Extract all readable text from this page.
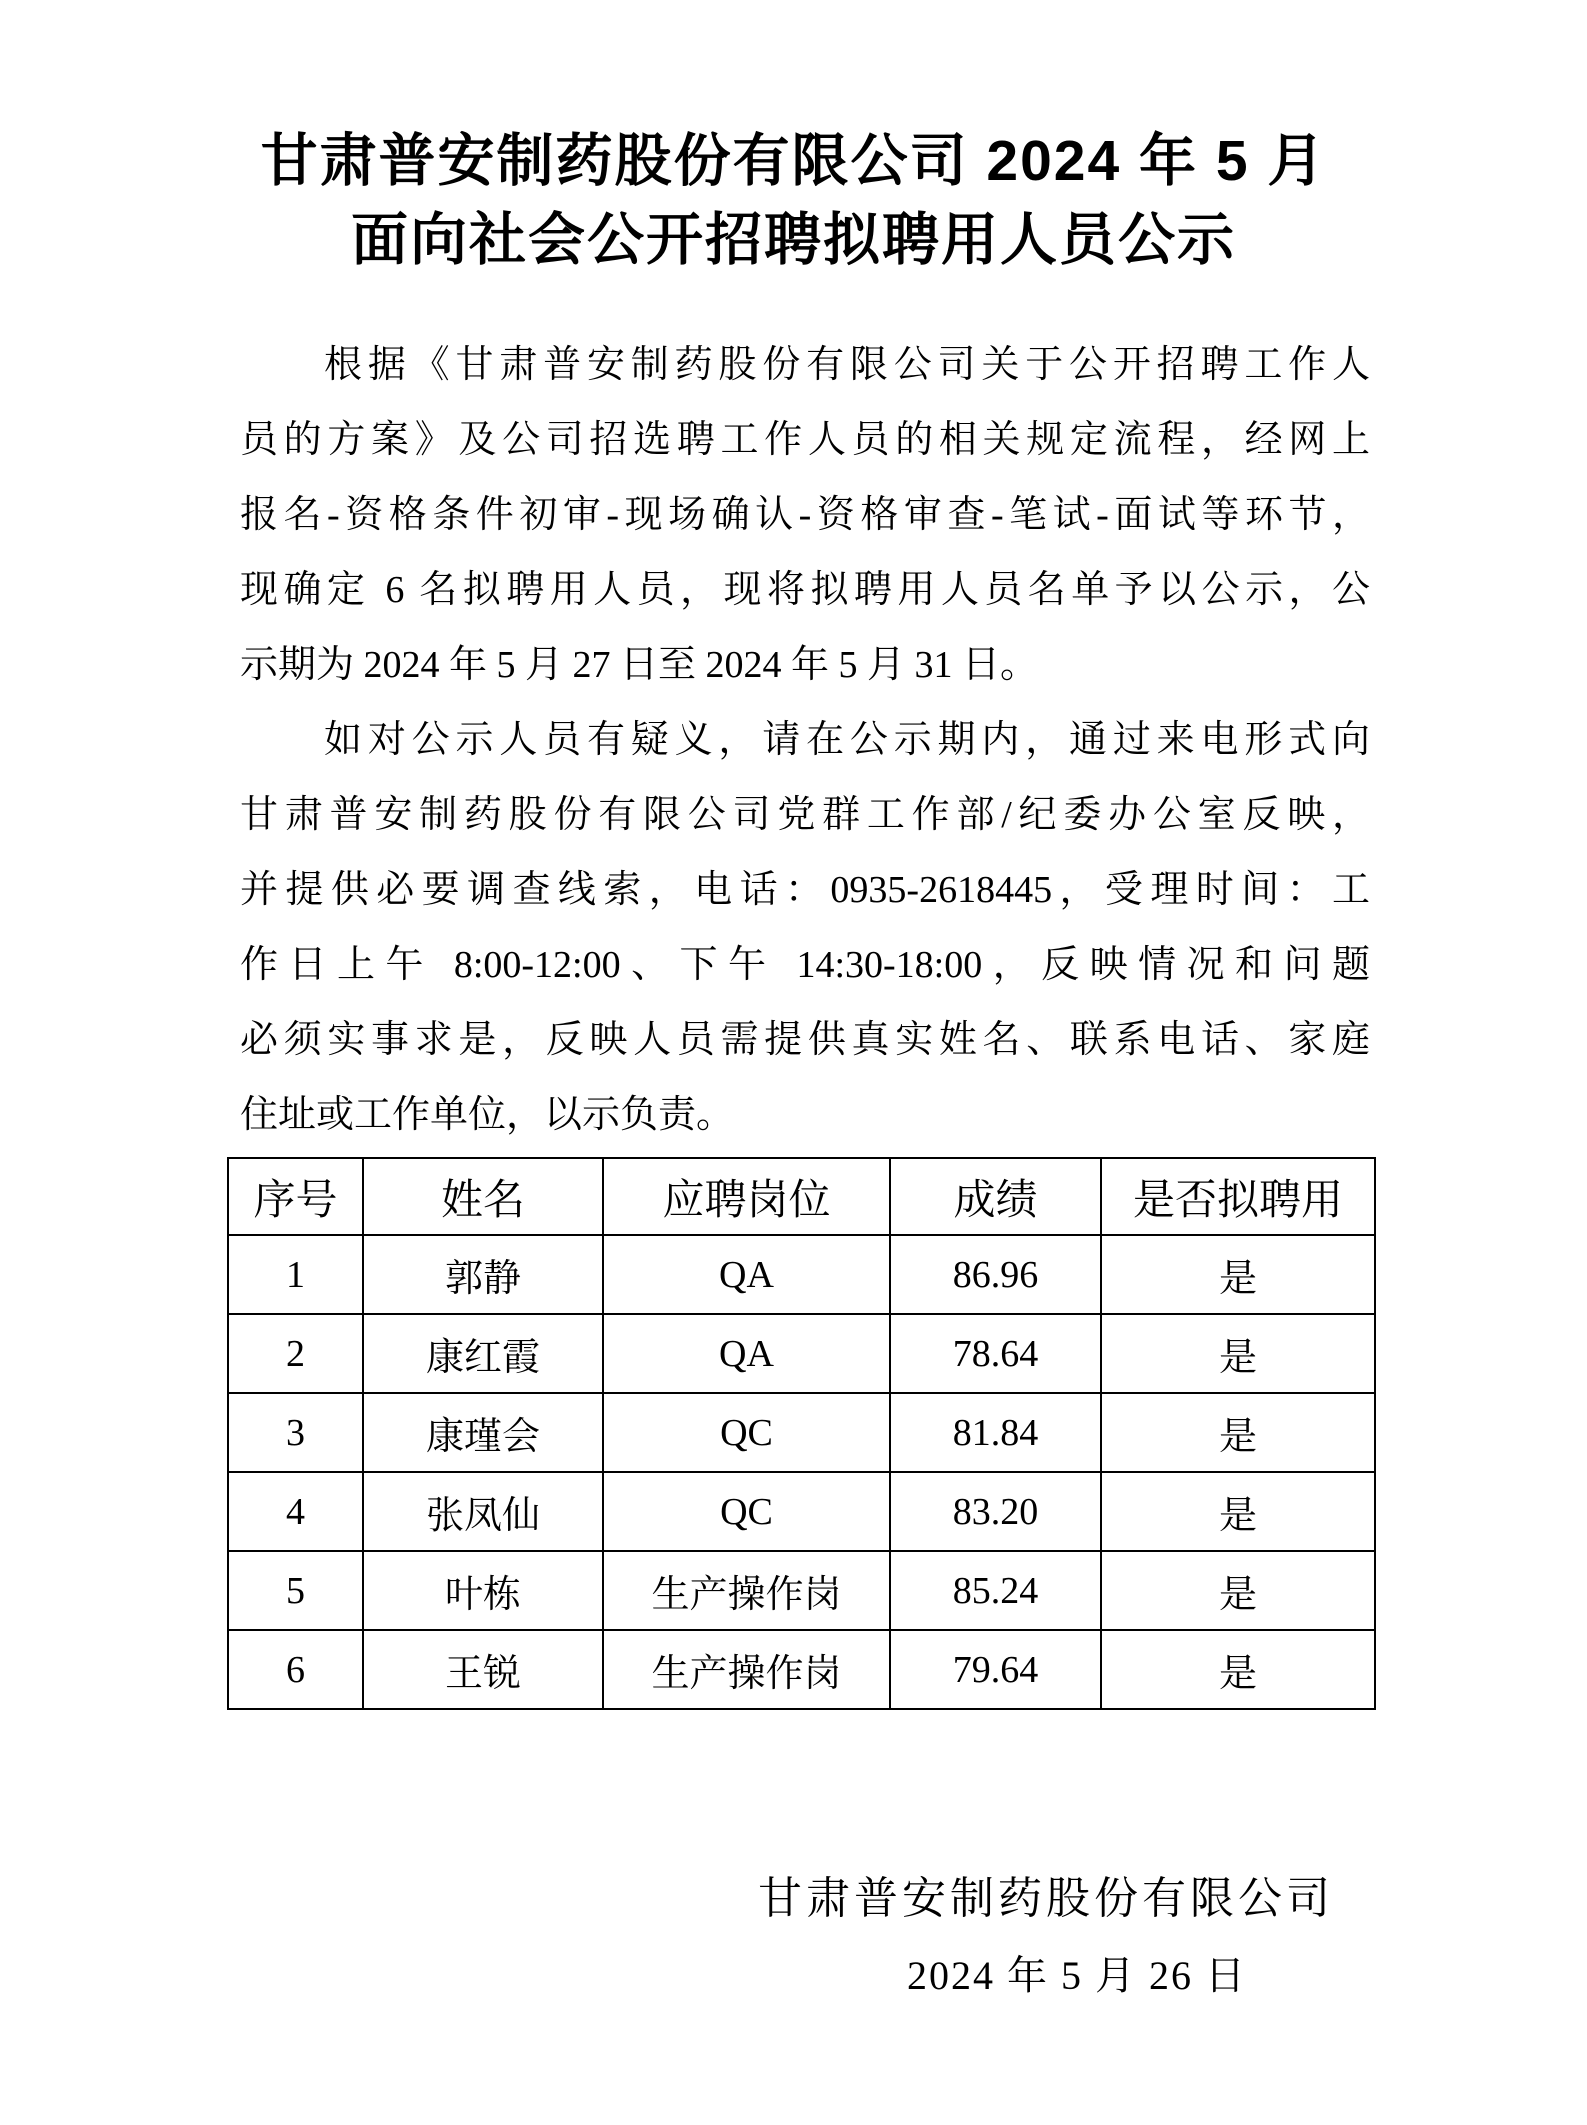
甘肃普安制药股份有限公司 2024 年 5 月
面向社会公开招聘拟聘用人员公示
根据《甘肃普安制药股份有限公司关于公开招聘工作人
员的方案》及公司招选聘工作人员的相关规定流程，经网上
报名-资格条件初审-现场确认-资格审查-笔试-面试等环节，
现确定 6 名拟聘用人员，现将拟聘用人员名单予以公示，公
示期为 2024 年 5 月 27 日至 2024 年 5 月 31 日。
如对公示人员有疑义，请在公示期内，通过来电形式向
甘肃普安制药股份有限公司党群工作部/纪委办公室反映，
并提供必要调查线索，电话：0935-2618445，受理时间：工
作日上午 8:00-12:00、下午 14:30-18:00，反映情况和问题
必须实事求是，反映人员需提供真实姓名、联系电话、家庭
住址或工作单位，以示负责。
序号	姓名	应聘岗位	成绩	是否拟聘用
1	郭静	QA	86.96	是
2	康红霞	QA	78.64	是
3	康瑾会	QC	81.84	是
4	张凤仙	QC	83.20	是
5	叶栋	生产操作岗	85.24	是
6	王锐	生产操作岗	79.64	是
甘肃普安制药股份有限公司
2024 年 5 月 26 日
